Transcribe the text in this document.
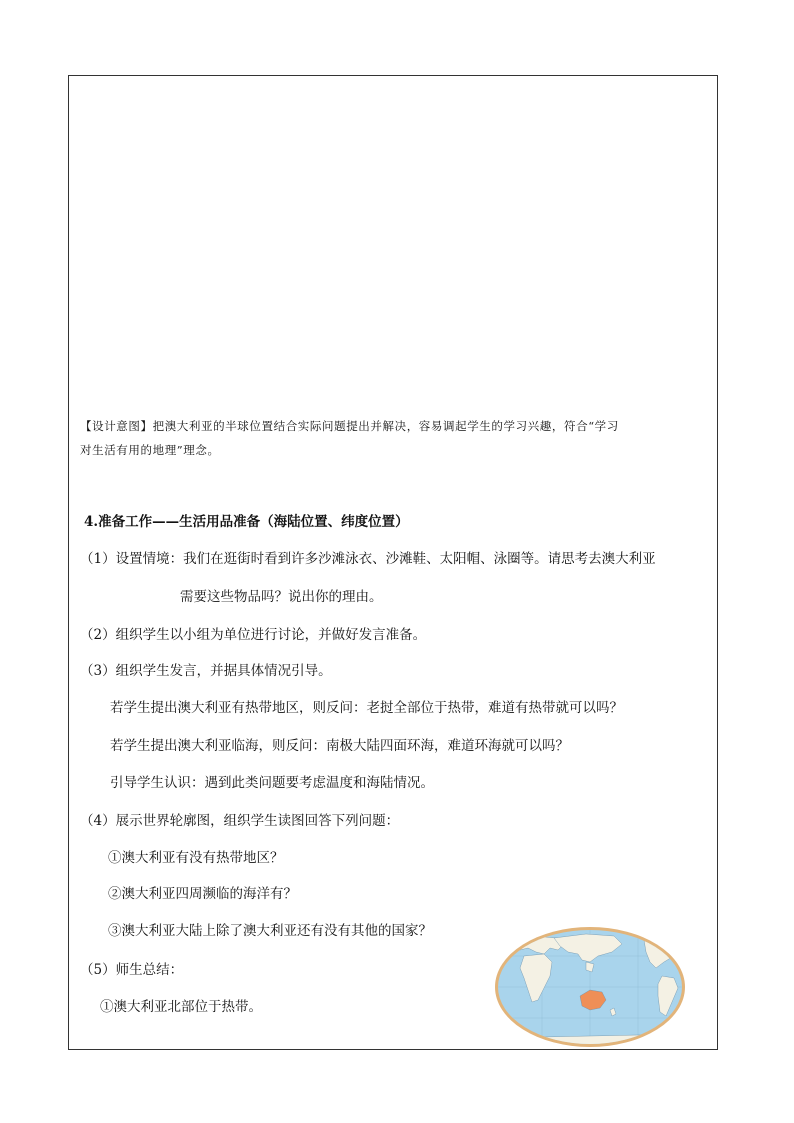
【设计意图】把澳大利亚的半球位置结合实际问题提出并解决，容易调起学生的学习兴趣，符合“学习
对生活有用的地理”理念。
4.准备工作——生活用品准备（海陆位置、纬度位置）
（1）设置情境：我们在逛街时看到许多沙滩泳衣、沙滩鞋、太阳帽、泳圈等。请思考去澳大利亚
需要这些物品吗？说出你的理由。
（2）组织学生以小组为单位进行讨论，并做好发言准备。
（3）组织学生发言，并据具体情况引导。
若学生提出澳大利亚有热带地区，则反问：老挝全部位于热带，难道有热带就可以吗？
若学生提出澳大利亚临海，则反问：南极大陆四面环海，难道环海就可以吗？
引导学生认识：遇到此类问题要考虑温度和海陆情况。
（4）展示世界轮廓图，组织学生读图回答下列问题：
①澳大利亚有没有热带地区？
②澳大利亚四周濒临的海洋有？
③澳大利亚大陆上除了澳大利亚还有没有其他的国家？
（5）师生总结：
①澳大利亚北部位于热带。
